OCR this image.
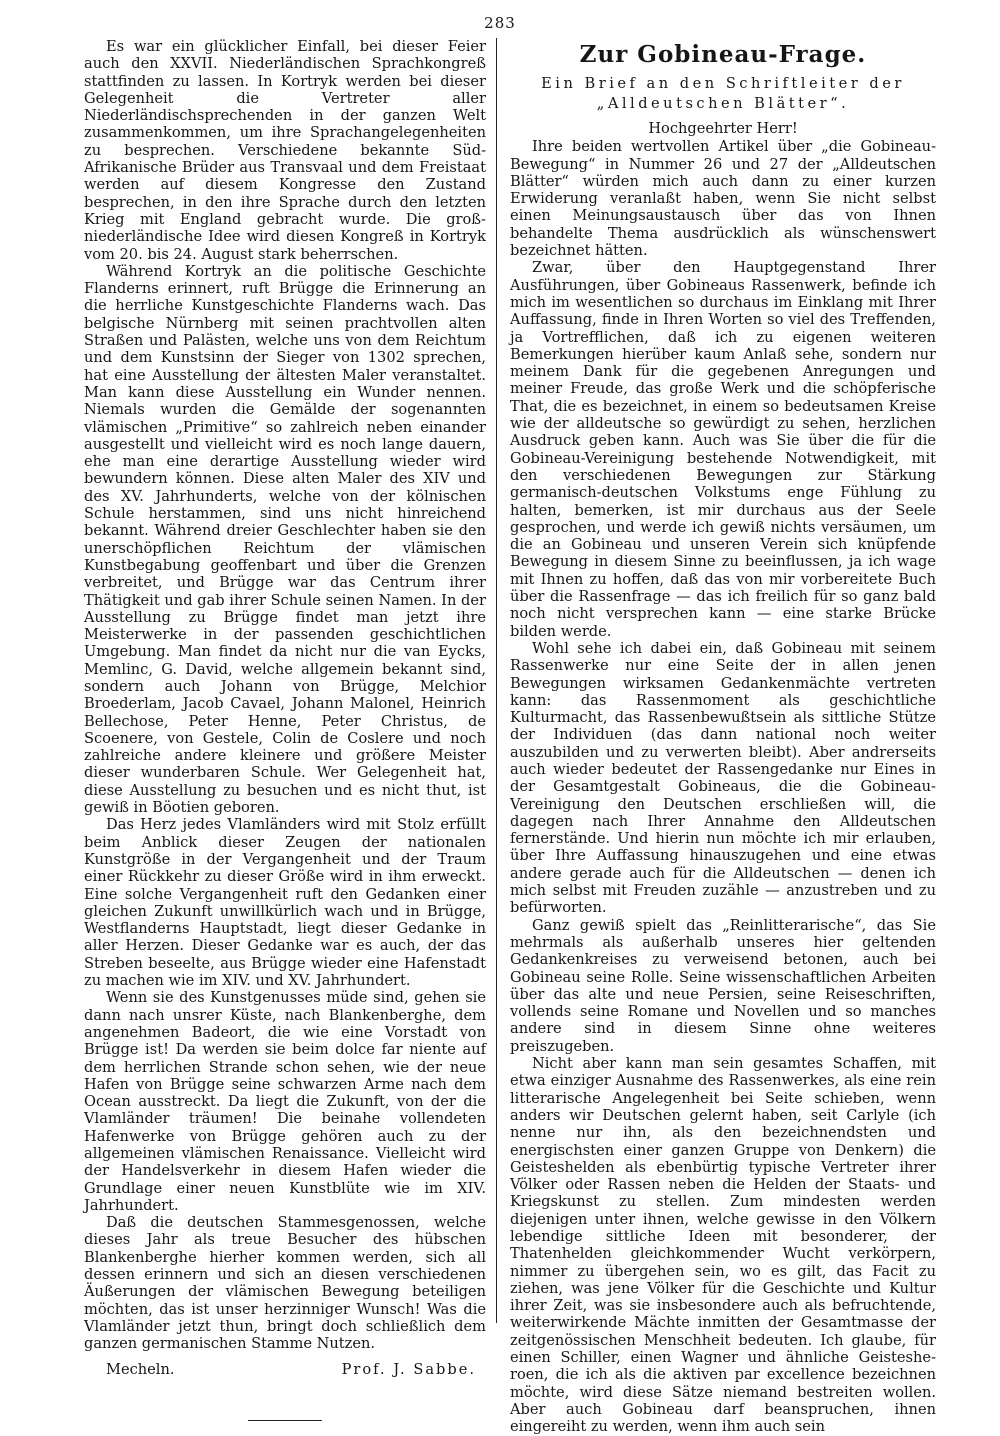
283

Es war ein glücklicher Einfall, bei dieser Feier auch den XXVII. Niederländischen Sprachkongreß stattfinden zu lassen. In Kortryk werden bei dieser Gelegenheit die Vertreter aller Niederländischsprechenden in der ganzen Welt zusammenkommen, um ihre Sprachangelegenheiten zu besprechen. Verschiedene bekannte Süd-Afrikanische Brüder aus Transvaal und dem Freistaat werden auf diesem Kongresse den Zustand besprechen, in den ihre Sprache durch den letzten Krieg mit England gebracht wurde. Die groß-niederländische Idee wird diesen Kongreß in Kortryk vom 20. bis 24. August stark beherrschen.

Während Kortryk an die politische Geschichte Flanderns erinnert, ruft Brügge die Erinnerung an die herrliche Kunstgeschichte Flanderns wach. Das belgische Nürnberg mit seinen prachtvollen alten Straßen und Palästen, welche uns von dem Reichtum und dem Kunstsinn der Sieger von 1302 sprechen, hat eine Ausstellung der ältesten Maler veranstaltet. Man kann diese Ausstellung ein Wunder nennen. Niemals wurden die Gemälde der sogenannten vlämischen „Primitive“ so zahlreich neben einander ausgestellt und vielleicht wird es noch lange dauern, ehe man eine derartige Ausstellung wieder wird bewundern können. Diese alten Maler des XIV und des XV. Jahrhunderts, welche von der kölnischen Schule herstammen, sind uns nicht hinreichend bekannt. Während dreier Geschlechter haben sie den unerschöpflichen Reichtum der vlämischen Kunstbegabung geoffenbart und über die Grenzen verbreitet, und Brügge war das Centrum ihrer Thätigkeit und gab ihrer Schule seinen Namen. In der Ausstellung zu Brügge findet man jetzt ihre Meisterwerke in der passenden geschichtlichen Umgebung. Man findet da nicht nur die van Eycks, Memlinc, G. David, welche allgemein bekannt sind, sondern auch Johann von Brügge, Melchior Broederlam, Jacob Cavael, Johann Malonel, Heinrich Bellechose, Peter Henne, Peter Christus, de Scoenere, von Gestele, Colin de Coslere und noch zahlreiche andere kleinere und größere Meister dieser wunderbaren Schule. Wer Gelegenheit hat, diese Ausstellung zu besuchen und es nicht thut, ist gewiß in Böotien geboren.

Das Herz jedes Vlamländers wird mit Stolz erfüllt beim Anblick dieser Zeugen der nationalen Kunstgröße in der Vergangenheit und der Traum einer Rückkehr zu dieser Größe wird in ihm erweckt. Eine solche Vergangenheit ruft den Gedanken einer gleichen Zukunft unwillkürlich wach und in Brügge, Westflanderns Hauptstadt, liegt dieser Gedanke in aller Herzen. Dieser Gedanke war es auch, der das Streben beseelte, aus Brügge wieder eine Hafenstadt zu machen wie im XIV. und XV. Jahrhundert.

Wenn sie des Kunstgenusses müde sind, gehen sie dann nach unsrer Küste, nach Blankenberghe, dem angenehmen Badeort, die wie eine Vorstadt von Brügge ist! Da werden sie beim dolce far niente auf dem herrlichen Strande schon sehen, wie der neue Hafen von Brügge seine schwarzen Arme nach dem Ocean ausstreckt. Da liegt die Zukunft, von der die Vlamländer träumen! Die beinahe vollendeten Hafenwerke von Brügge gehören auch zu der allgemeinen vlämischen Renaissance. Vielleicht wird der Handelsverkehr in diesem Hafen wieder die Grundlage einer neuen Kunstblüte wie im XIV. Jahrhundert.

Daß die deutschen Stammesgenossen, welche dieses Jahr als treue Besucher des hübschen Blankenberghe hierher kommen werden, sich all dessen erinnern und sich an diesen verschiedenen Äußerungen der vlämischen Bewegung beteiligen möchten, das ist unser herzinniger Wunsch! Was die Vlamländer jetzt thun, bringt doch schließlich dem ganzen germanischen Stamme Nutzen.

Mecheln.	Prof. J. Sabbe.
Zur Gobineau-Frage.
Ein Brief an den Schriftleiter der „Alldeutschen Blätter“.
Hochgeehrter Herr!

Ihre beiden wertvollen Artikel über „die Gobineau-Bewegung“ in Nummer 26 und 27 der „Alldeutschen Blätter“ würden mich auch dann zu einer kurzen Erwiderung veranlaßt haben, wenn Sie nicht selbst einen Meinungsaustausch über das von Ihnen behandelte Thema ausdrücklich als wünschenswert bezeichnet hätten.

Zwar, über den Hauptgegenstand Ihrer Ausführungen, über Gobineaus Rassenwerk, befinde ich mich im wesentlichen so durchaus im Einklang mit Ihrer Auffassung, finde in Ihren Worten so viel des Treffenden, ja Vortrefflichen, daß ich zu eigenen weiteren Bemerkungen hierüber kaum Anlaß sehe, sondern nur meinem Dank für die gegebenen Anregungen und meiner Freude, das große Werk und die schöpferische That, die es bezeichnet, in einem so bedeutsamen Kreise wie der alldeutsche so gewürdigt zu sehen, herzlichen Ausdruck geben kann. Auch was Sie über die für die Gobineau-Vereinigung bestehende Notwendigkeit, mit den verschiedenen Bewegungen zur Stärkung germanisch-deutschen Volkstums enge Fühlung zu halten, bemerken, ist mir durchaus aus der Seele gesprochen, und werde ich gewiß nichts versäumen, um die an Gobineau und unseren Verein sich knüpfende Bewegung in diesem Sinne zu beeinflussen, ja ich wage mit Ihnen zu hoffen, daß das von mir vorbereitete Buch über die Rassenfrage — das ich freilich für so ganz bald noch nicht versprechen kann — eine starke Brücke bilden werde.

Wohl sehe ich dabei ein, daß Gobineau mit seinem Rassenwerke nur eine Seite der in allen jenen Bewegungen wirksamen Gedankenmächte vertreten kann: das Rassenmoment als geschichtliche Kulturmacht, das Rassenbewußtsein als sittliche Stütze der Individuen (das dann national noch weiter auszubilden und zu verwerten bleibt). Aber andrerseits auch wieder bedeutet der Rassengedanke nur Eines in der Gesamtgestalt Gobineaus, die die Gobineau-Vereinigung den Deutschen erschließen will, die dagegen nach Ihrer Annahme den Alldeutschen fernerstände. Und hierin nun möchte ich mir erlauben, über Ihre Auffassung hinauszugehen und eine etwas andere gerade auch für die Alldeutschen — denen ich mich selbst mit Freuden zuzähle — anzustreben und zu befürworten.

Ganz gewiß spielt das „Reinlitterarische“, das Sie mehrmals als außerhalb unseres hier geltenden Gedankenkreises zu verweisend betonen, auch bei Gobineau seine Rolle. Seine wissenschaftlichen Arbeiten über das alte und neue Persien, seine Reiseschriften, vollends seine Romane und Novellen und so manches andere sind in diesem Sinne ohne weiteres preiszugeben.

Nicht aber kann man sein gesamtes Schaffen, mit etwa einziger Ausnahme des Rassenwerkes, als eine rein litterarische Angelegenheit bei Seite schieben, wenn anders wir Deutschen gelernt haben, seit Carlyle (ich nenne nur ihn, als den bezeichnendsten und energischsten einer ganzen Gruppe von Denkern) die Geisteshelden als ebenbürtig typische Vertreter ihrer Völker oder Rassen neben die Helden der Staats- und Kriegskunst zu stellen. Zum mindesten werden diejenigen unter ihnen, welche gewisse in den Völkern lebendige sittliche Ideen mit besonderer, der Thatenhelden gleichkommender Wucht verkörpern, nimmer zu übergehen sein, wo es gilt, das Facit zu ziehen, was jene Völker für die Geschichte und Kultur ihrer Zeit, was sie insbesondere auch als befruchtende, weiterwirkende Mächte inmitten der Gesamtmasse der zeitgenössischen Menschheit bedeuten. Ich glaube, für einen Schiller, einen Wagner und ähnliche Geistesheroen, die ich als die aktiven par excellence bezeichnen möchte, wird diese Sätze niemand bestreiten wollen. Aber auch Gobineau darf beanspruchen, ihnen eingereiht zu werden, wenn ihm auch sein
